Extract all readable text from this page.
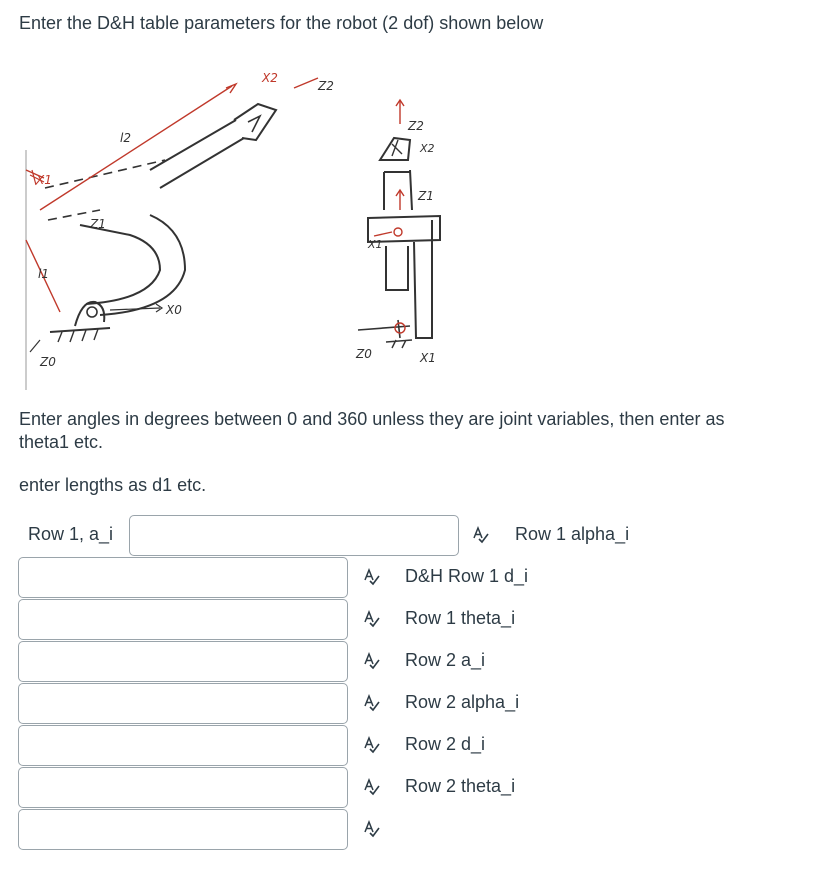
Enter the D&H table parameters for the robot (2 dof) shown below
X1
Z1
l2
l1
Z0
X0
X2
Z2
Z2
X2
Z1
X1
Z0	X1

Enter angles in degrees between 0 and 360 unless they are joint variables, then enter as theta1 etc.

enter lengths as d1 etc.

Row 1, a_i	Row 1 alpha_i
D&H Row 1 d_i
Row 1 theta_i
Row 2 a_i
Row 2 alpha_i
Row 2 d_i
Row 2 theta_i
